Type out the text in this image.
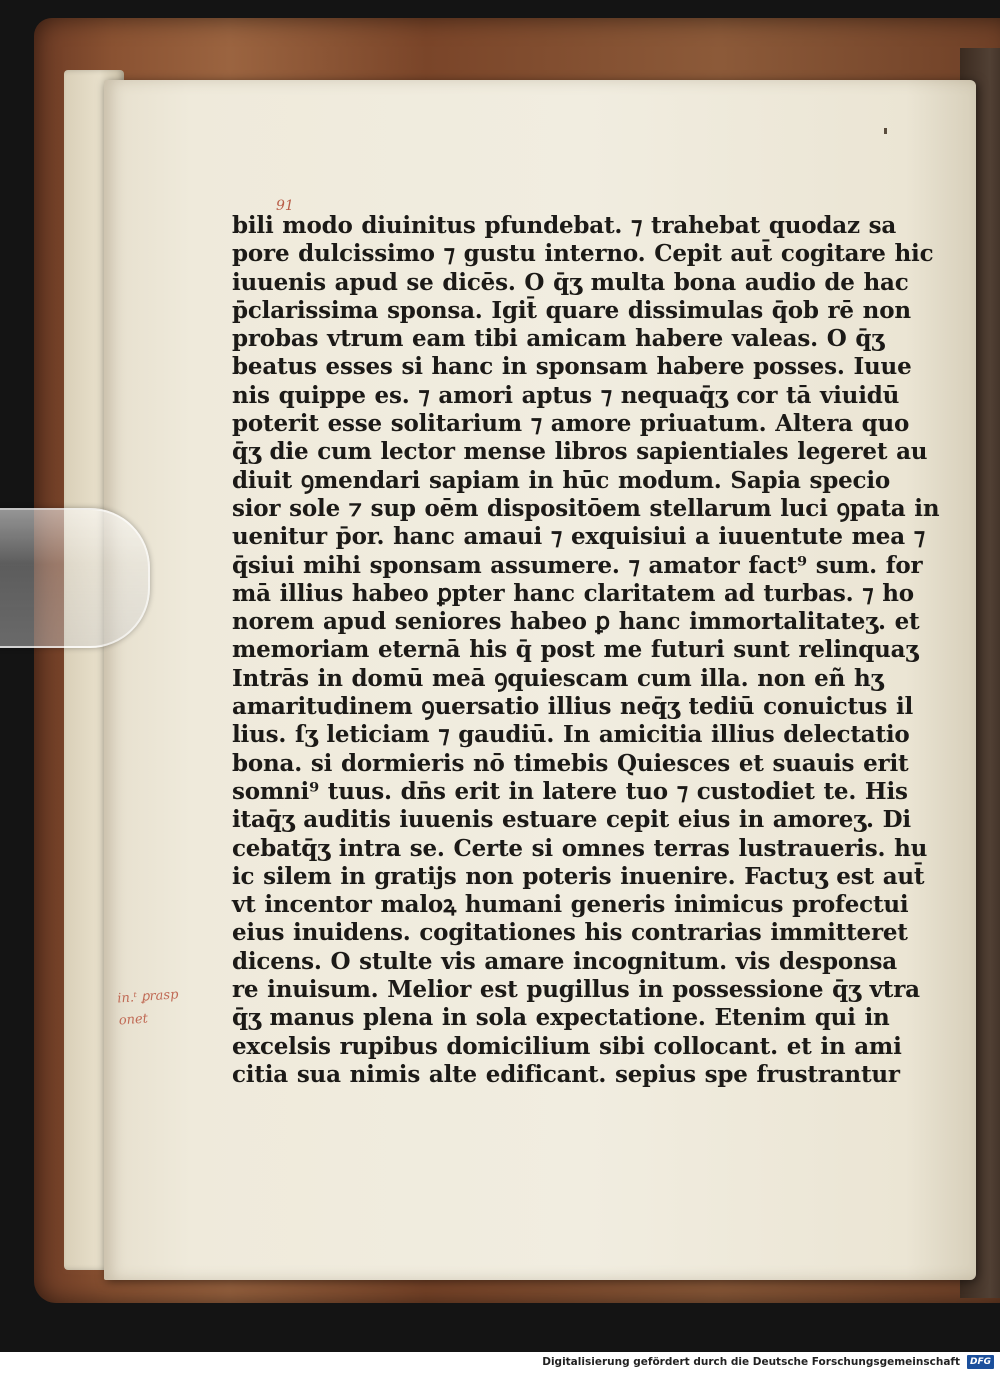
91
bili modo diuinitus pfundebat. ⁊ trahebat quodaz sa
pore dulcissimo ⁊ gustu interno. Cepit aut̄ cogitare hic
iuuenis apud se dicēs. O q̄ʒ multa bona audio de hac
p̄clarissima sponsa. Igit̄ quare dissimulas q̄ob rē non
probas vtrum eam tibi amicam habere valeas. O q̄ʒ
beatus esses si hanc in sponsam habere posses. Iuue
nis quippe es. ⁊ amori aptus ⁊ nequaq̄ʒ cor tā viuidū
poterit esse solitarium ⁊ amore priuatum. Altera quo
q̄ʒ die cum lector mense libros sapientiales legeret au
diuit ꝯmendari sapiam in hūc modum. Sapia specio
sior sole ⁊ sup oēm dispositōem stellarum luci ꝯpata in
uenitur p̄or. hanc amaui ⁊ exquisiui a iuuentute mea ⁊
q̄siui mihi sponsam assumere. ⁊ amator fact⁹ sum. for
mā illius habeo ꝑpter hanc claritatem ad turbas. ⁊ ho
norem apud seniores habeo ꝑ hanc immortalitateʒ. et
memoriam eternā his q̄ post me futuri sunt relinquaʒ
Intrās in domū meā ꝯquiescam cum illa. non eñ hʒ
amaritudinem ꝯuersatio illius neq̄ʒ tediū conuictus il
lius. ſʒ leticiam ⁊ gaudiū. In amicitia illius delectatio
bona. si dormieris nō timebis Quiesces et suauis erit
somni⁹ tuus. dn̄s erit in latere tuo ⁊ custodiet te. His
itaq̄ʒ auditis iuuenis estuare cepit eius in amoreʒ. Di
cebatq̄ʒ intra se. Certe si omnes terras lustraueris. hu
ic silem in gratijs non poteris inuenire. Factuʒ est aut̄
vt incentor maloꝝ humani generis inimicus profectui
eius inuidens. cogitationes his contrarias immitteret
dicens. O stulte vis amare incognitum. vis desponsa
re inuisum. Melior est pugillus in possessione q̄ʒ vtra
q̄ʒ manus plena in sola expectatione. Etenim qui in
excelsis rupibus domicilium sibi collocant. et in ami
citia sua nimis alte edificant. sepius spe frustrantur
in.ᵗ ꝑrasp
onet
Digitalisierung gefördert durch die Deutsche Forschungsgemeinschaft	DFG
